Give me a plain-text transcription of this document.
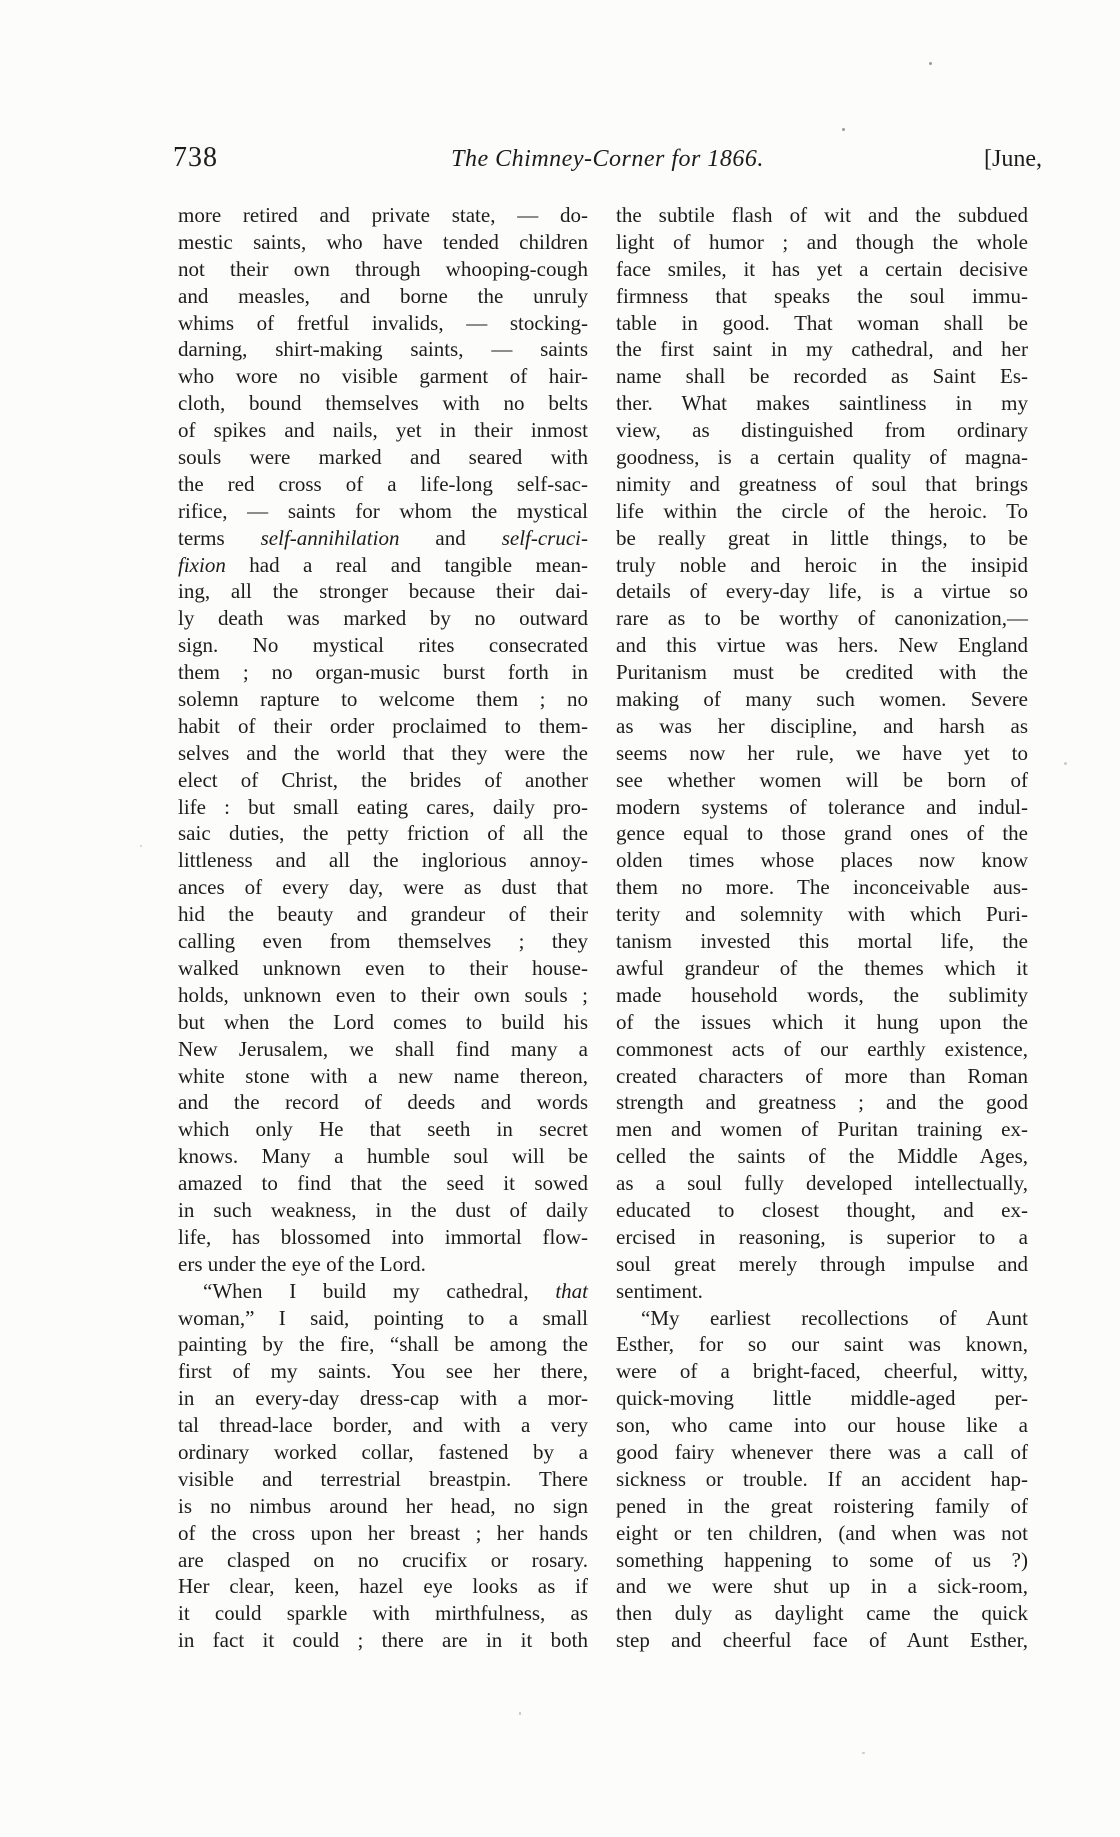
738	The Chimney-Corner for 1866.	[June,
more retired and private state, — do-
mestic saints, who have tended children
not their own through whooping-cough
and measles, and borne the unruly
whims of fretful invalids, — stocking-
darning, shirt-making saints, — saints
who wore no visible garment of hair-
cloth, bound themselves with no belts
of spikes and nails, yet in their inmost
souls were marked and seared with
the red cross of a life-long self-sac-
rifice, — saints for whom the mystical
terms self-annihilation and self-cruci-
fixion had a real and tangible mean-
ing, all the stronger because their dai-
ly death was marked by no outward
sign. No mystical rites consecrated
them ; no organ-music burst forth in
solemn rapture to welcome them ; no
habit of their order proclaimed to them-
selves and the world that they were the
elect of Christ, the brides of another
life : but small eating cares, daily pro-
saic duties, the petty friction of all the
littleness and all the inglorious annoy-
ances of every day, were as dust that
hid the beauty and grandeur of their
calling even from themselves ; they
walked unknown even to their house-
holds, unknown even to their own souls ;
but when the Lord comes to build his
New Jerusalem, we shall find many a
white stone with a new name thereon,
and the record of deeds and words
which only He that seeth in secret
knows. Many a humble soul will be
amazed to find that the seed it sowed
in such weakness, in the dust of daily
life, has blossomed into immortal flow-
ers under the eye of the Lord.
“When I build my cathedral, that
woman,” I said, pointing to a small
painting by the fire, “shall be among the
first of my saints. You see her there,
in an every-day dress-cap with a mor-
tal thread-lace border, and with a very
ordinary worked collar, fastened by a
visible and terrestrial breastpin. There
is no nimbus around her head, no sign
of the cross upon her breast ; her hands
are clasped on no crucifix or rosary.
Her clear, keen, hazel eye looks as if
it could sparkle with mirthfulness, as
in fact it could ; there are in it both
the subtile flash of wit and the subdued
light of humor ; and though the whole
face smiles, it has yet a certain decisive
firmness that speaks the soul immu-
table in good. That woman shall be
the first saint in my cathedral, and her
name shall be recorded as Saint Es-
ther. What makes saintliness in my
view, as distinguished from ordinary
goodness, is a certain quality of magna-
nimity and greatness of soul that brings
life within the circle of the heroic. To
be really great in little things, to be
truly noble and heroic in the insipid
details of every-day life, is a virtue so
rare as to be worthy of canonization,—
and this virtue was hers. New England
Puritanism must be credited with the
making of many such women. Severe
as was her discipline, and harsh as
seems now her rule, we have yet to
see whether women will be born of
modern systems of tolerance and indul-
gence equal to those grand ones of the
olden times whose places now know
them no more. The inconceivable aus-
terity and solemnity with which Puri-
tanism invested this mortal life, the
awful grandeur of the themes which it
made household words, the sublimity
of the issues which it hung upon the
commonest acts of our earthly existence,
created characters of more than Roman
strength and greatness ; and the good
men and women of Puritan training ex-
celled the saints of the Middle Ages,
as a soul fully developed intellectually,
educated to closest thought, and ex-
ercised in reasoning, is superior to a
soul great merely through impulse and
sentiment.
“My earliest recollections of Aunt
Esther, for so our saint was known,
were of a bright-faced, cheerful, witty,
quick-moving little middle-aged per-
son, who came into our house like a
good fairy whenever there was a call of
sickness or trouble. If an accident hap-
pened in the great roistering family of
eight or ten children, (and when was not
something happening to some of us ?)
and we were shut up in a sick-room,
then duly as daylight came the quick
step and cheerful face of Aunt Esther,
